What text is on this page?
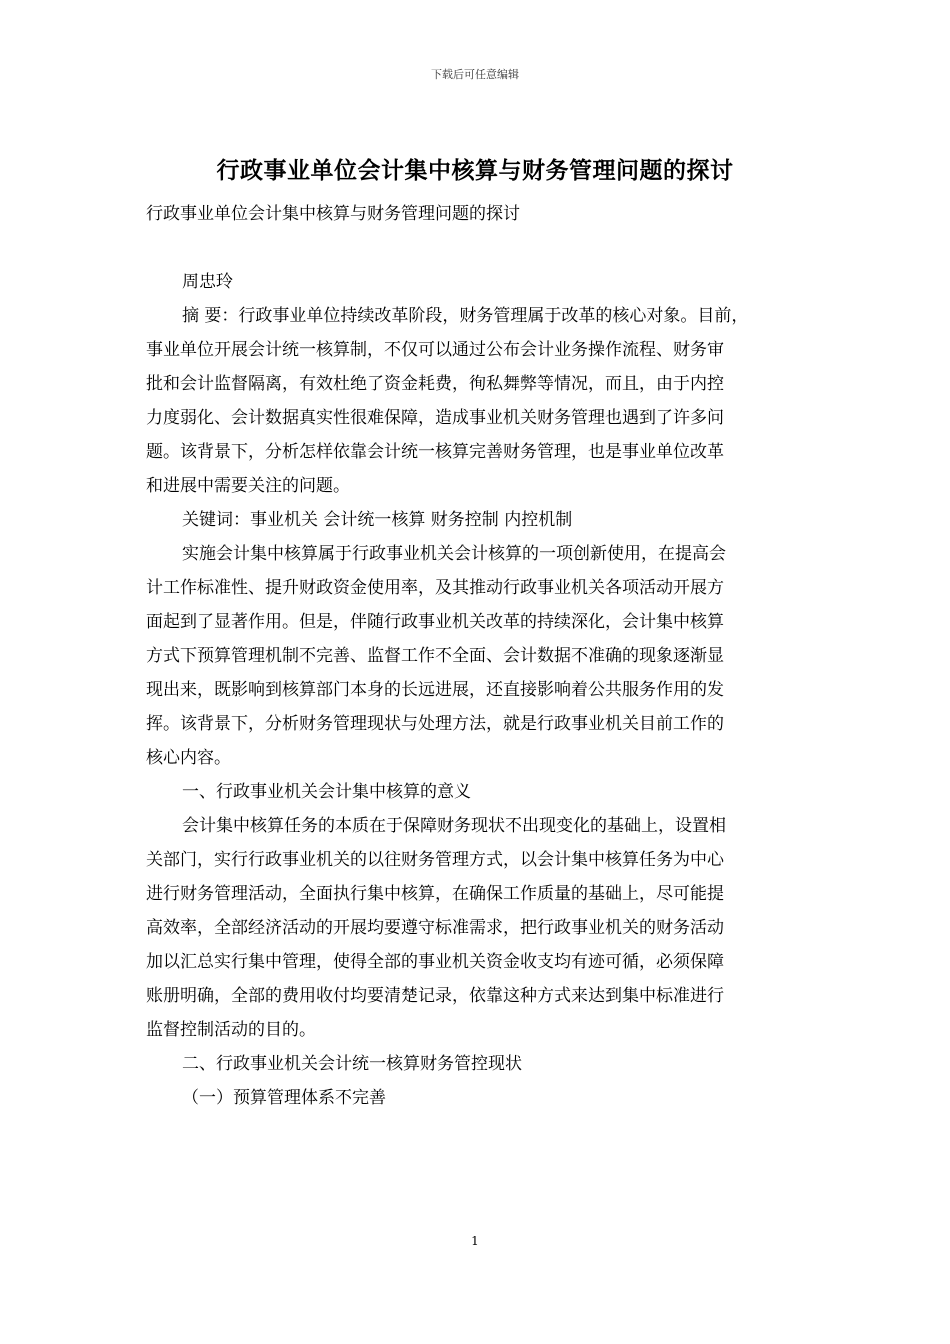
下载后可任意编辑
行政事业单位会计集中核算与财务管理问题的探讨
行政事业单位会计集中核算与财务管理问题的探讨
周忠玲
摘 要：行政事业单位持续改革阶段，财务管理属于改革的核心对象。目前，
事业单位开展会计统一核算制，不仅可以通过公布会计业务操作流程、财务审
批和会计监督隔离，有效杜绝了资金耗费，徇私舞弊等情况，而且，由于内控
力度弱化、会计数据真实性很难保障，造成事业机关财务管理也遇到了许多问
题。该背景下，分析怎样依靠会计统一核算完善财务管理，也是事业单位改革
和进展中需要关注的问题。
关键词：事业机关 会计统一核算 财务控制 内控机制
实施会计集中核算属于行政事业机关会计核算的一项创新使用，在提高会
计工作标准性、提升财政资金使用率，及其推动行政事业机关各项活动开展方
面起到了显著作用。但是，伴随行政事业机关改革的持续深化，会计集中核算
方式下预算管理机制不完善、监督工作不全面、会计数据不准确的现象逐渐显
现出来，既影响到核算部门本身的长远进展，还直接影响着公共服务作用的发
挥。该背景下，分析财务管理现状与处理方法，就是行政事业机关目前工作的
核心内容。
一、行政事业机关会计集中核算的意义
会计集中核算任务的本质在于保障财务现状不出现变化的基础上，设置相
关部门，实行行政事业机关的以往财务管理方式，以会计集中核算任务为中心
进行财务管理活动，全面执行集中核算，在确保工作质量的基础上，尽可能提
高效率，全部经济活动的开展均要遵守标准需求，把行政事业机关的财务活动
加以汇总实行集中管理，使得全部的事业机关资金收支均有迹可循，必须保障
账册明确，全部的费用收付均要清楚记录，依靠这种方式来达到集中标准进行
监督控制活动的目的。
二、行政事业机关会计统一核算财务管控现状
（一）预算管理体系不完善
1
